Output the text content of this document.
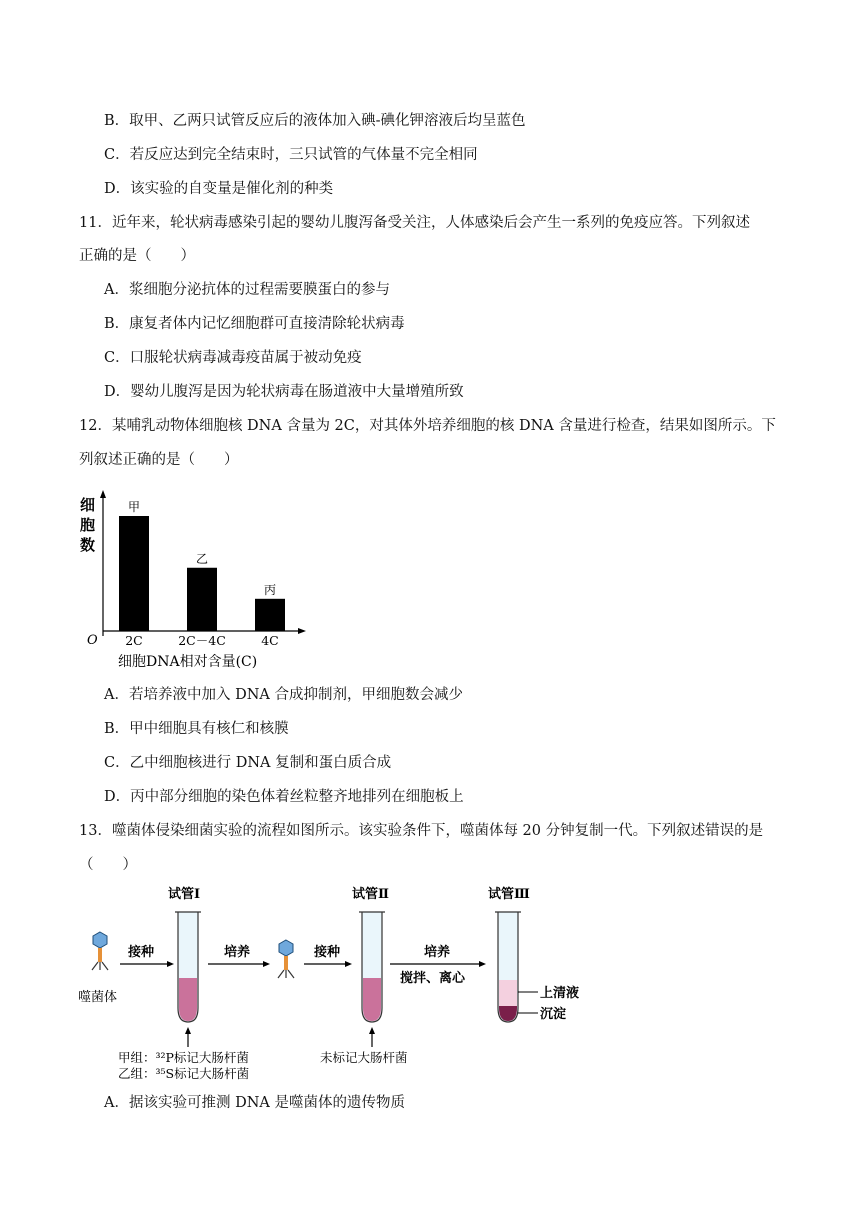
B．取甲、乙两只试管反应后的液体加入碘-碘化钾溶液后均呈蓝色
C．若反应达到完全结束时，三只试管的气体量不完全相同
D．该实验的自变量是催化剂的种类
11．近年来，轮状病毒感染引起的婴幼儿腹泻备受关注，人体感染后会产生一系列的免疫应答。下列叙述
正确的是（　　）
A．浆细胞分泌抗体的过程需要膜蛋白的参与
B．康复者体内记忆细胞群可直接清除轮状病毒
C．口服轮状病毒减毒疫苗属于被动免疫
D．婴幼儿腹泻是因为轮状病毒在肠道液中大量增殖所致
12．某哺乳动物体细胞核 DNA 含量为 2C，对其体外培养细胞的核 DNA 含量进行检查，结果如图所示。下
列叙述正确的是（　　）
细
胞
数
O
甲
2C
乙
2C－4C
丙
4C
细胞DNA相对含量(C)
A．若培养液中加入 DNA 合成抑制剂，甲细胞数会减少
B．甲中细胞具有核仁和核膜
C．乙中细胞核进行 DNA 复制和蛋白质合成
D．丙中部分细胞的染色体着丝粒整齐地排列在细胞板上
13．噬菌体侵染细菌实验的流程如图所示。该实验条件下，噬菌体每 20 分钟复制一代。下列叙述错误的是
（　　）
噬菌体
接种
试管Ⅰ
甲组：³²P标记大肠杆菌
乙组：³⁵S标记大肠杆菌
培养	接种
试管Ⅱ
未标记大肠杆菌
培养
搅拌、离心
试管Ⅲ
上清液
沉淀
A．据该实验可推测 DNA 是噬菌体的遗传物质
